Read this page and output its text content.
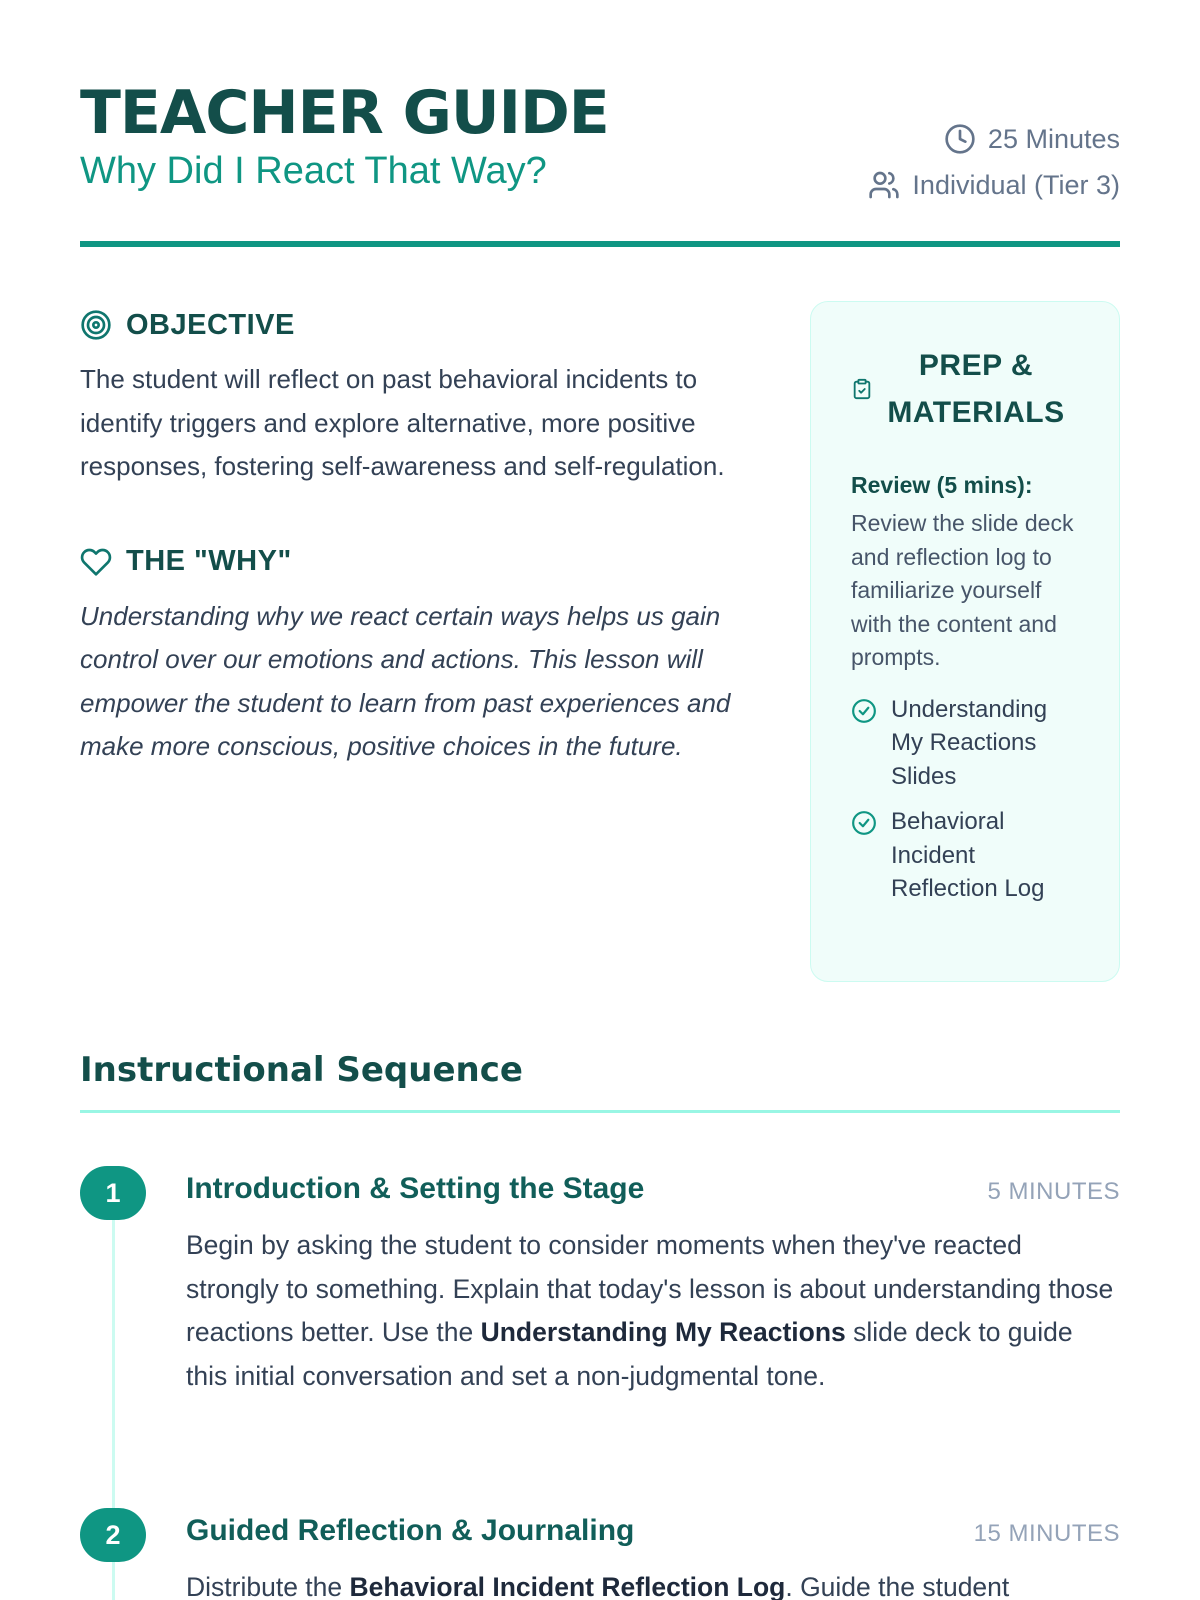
TEACHER GUIDE
Why Did I React That Way?
25 Minutes
Individual (Tier 3)
OBJECTIVE

The student will reflect on past behavioral incidents to identify triggers and explore alternative, more positive responses, fostering self-awareness and self-regulation.

THE "WHY"

Understanding why we react certain ways helps us gain control over our emotions and actions. This lesson will empower the student to learn from past experiences and make more conscious, positive choices in the future.

PREP & MATERIALS
Review (5 mins):
Review the slide deck and reflection log to familiarize yourself with the content and prompts.
Understanding My Reactions Slides
Behavioral Incident Reflection Log
Instructional Sequence
1	Introduction & Setting the Stage	5 MINUTES

Begin by asking the student to consider moments when they've reacted strongly to something. Explain that today's lesson is about understanding those reactions better. Use the Understanding My Reactions slide deck to guide this initial conversation and set a non-judgmental tone.

2	Guided Reflection & Journaling	15 MINUTES

Distribute the Behavioral Incident Reflection Log. Guide the student
